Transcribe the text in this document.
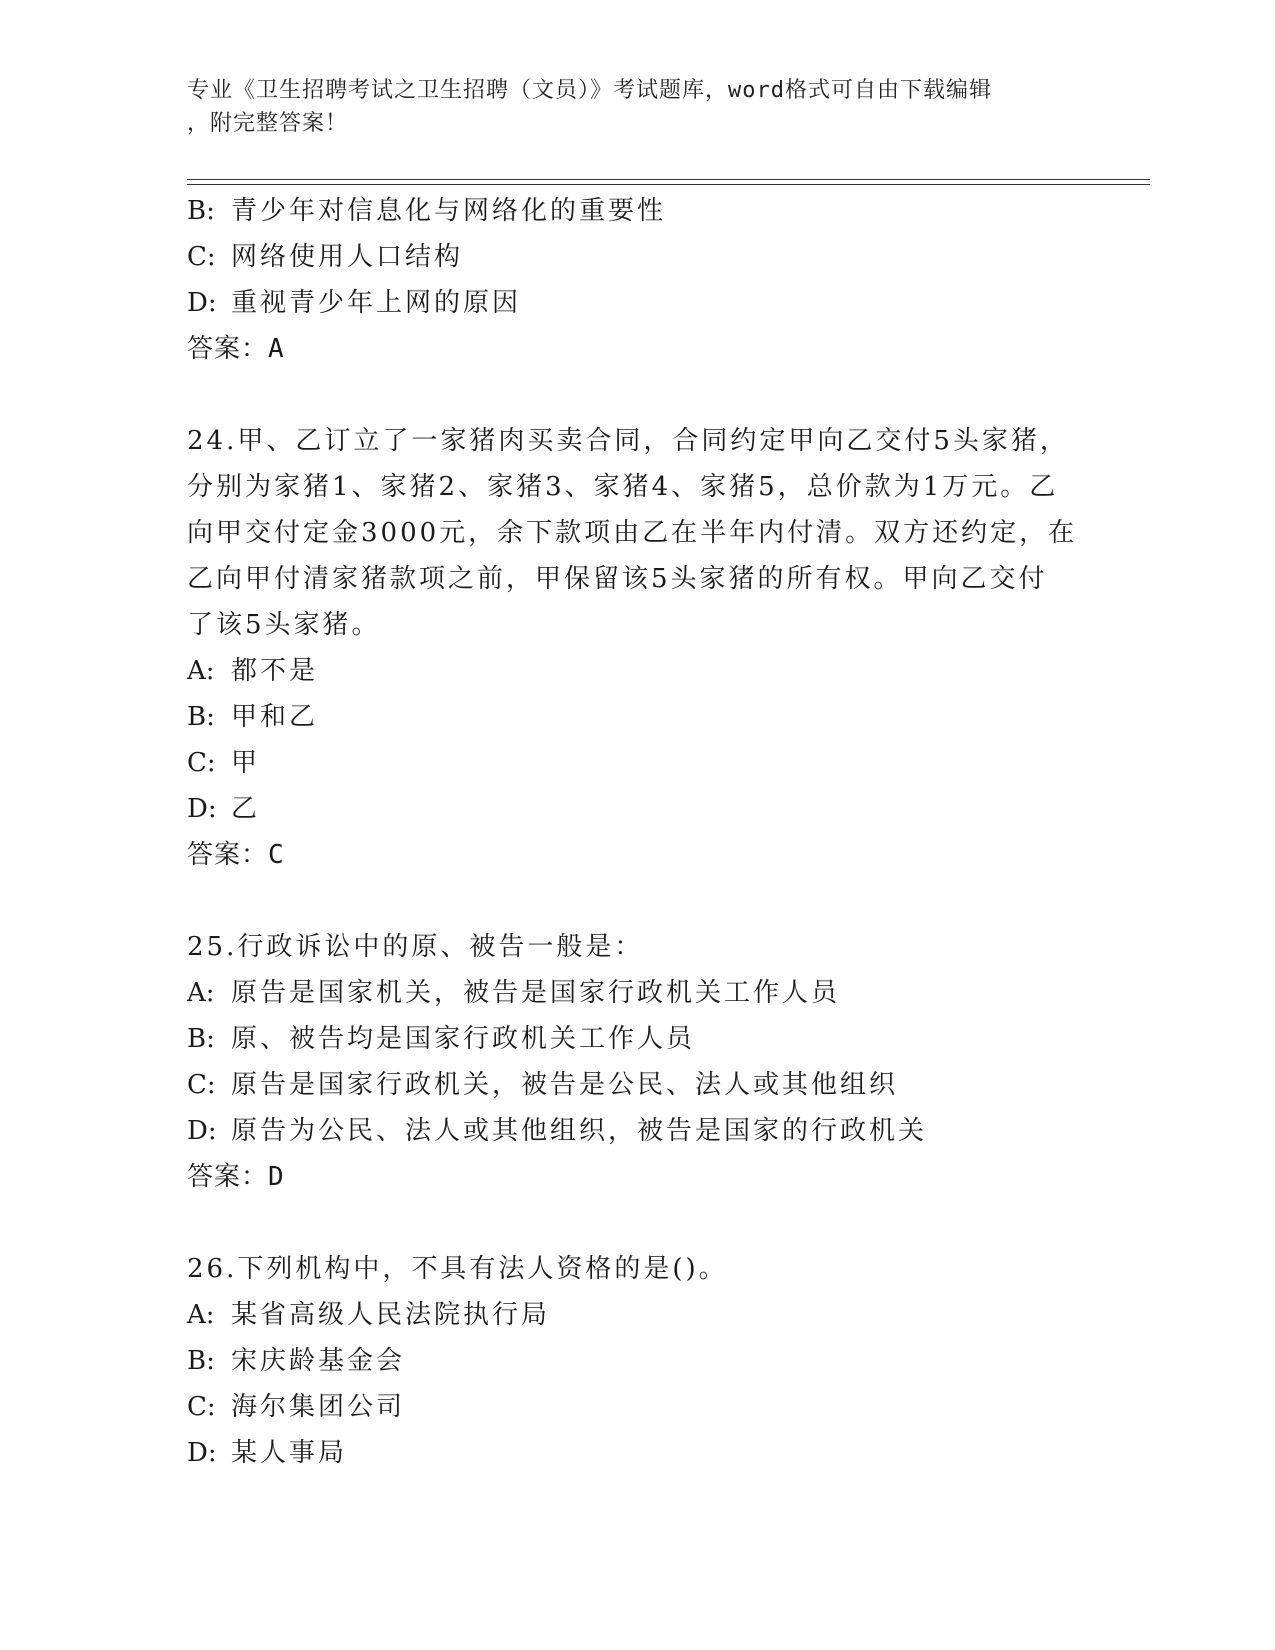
专业《卫生招聘考试之卫生招聘（文员）》考试题库，word格式可自由下载编辑
，附完整答案！
B: 青少年对信息化与网络化的重要性
C: 网络使用人口结构
D: 重视青少年上网的原因
答案：A
24.甲、乙订立了一家猪肉买卖合同，合同约定甲向乙交付5头家猪，
分别为家猪1、家猪2、家猪3、家猪4、家猪5，总价款为1万元。乙
向甲交付定金3000元，余下款项由乙在半年内付清。双方还约定，在
乙向甲付清家猪款项之前，甲保留该5头家猪的所有权。甲向乙交付
了该5头家猪。
A: 都不是
B: 甲和乙
C: 甲
D: 乙
答案：C
25.行政诉讼中的原、被告一般是：
A: 原告是国家机关，被告是国家行政机关工作人员
B: 原、被告均是国家行政机关工作人员
C: 原告是国家行政机关，被告是公民、法人或其他组织
D: 原告为公民、法人或其他组织，被告是国家的行政机关
答案：D
26.下列机构中，不具有法人资格的是()。
A: 某省高级人民法院执行局
B: 宋庆龄基金会
C: 海尔集团公司
D: 某人事局
